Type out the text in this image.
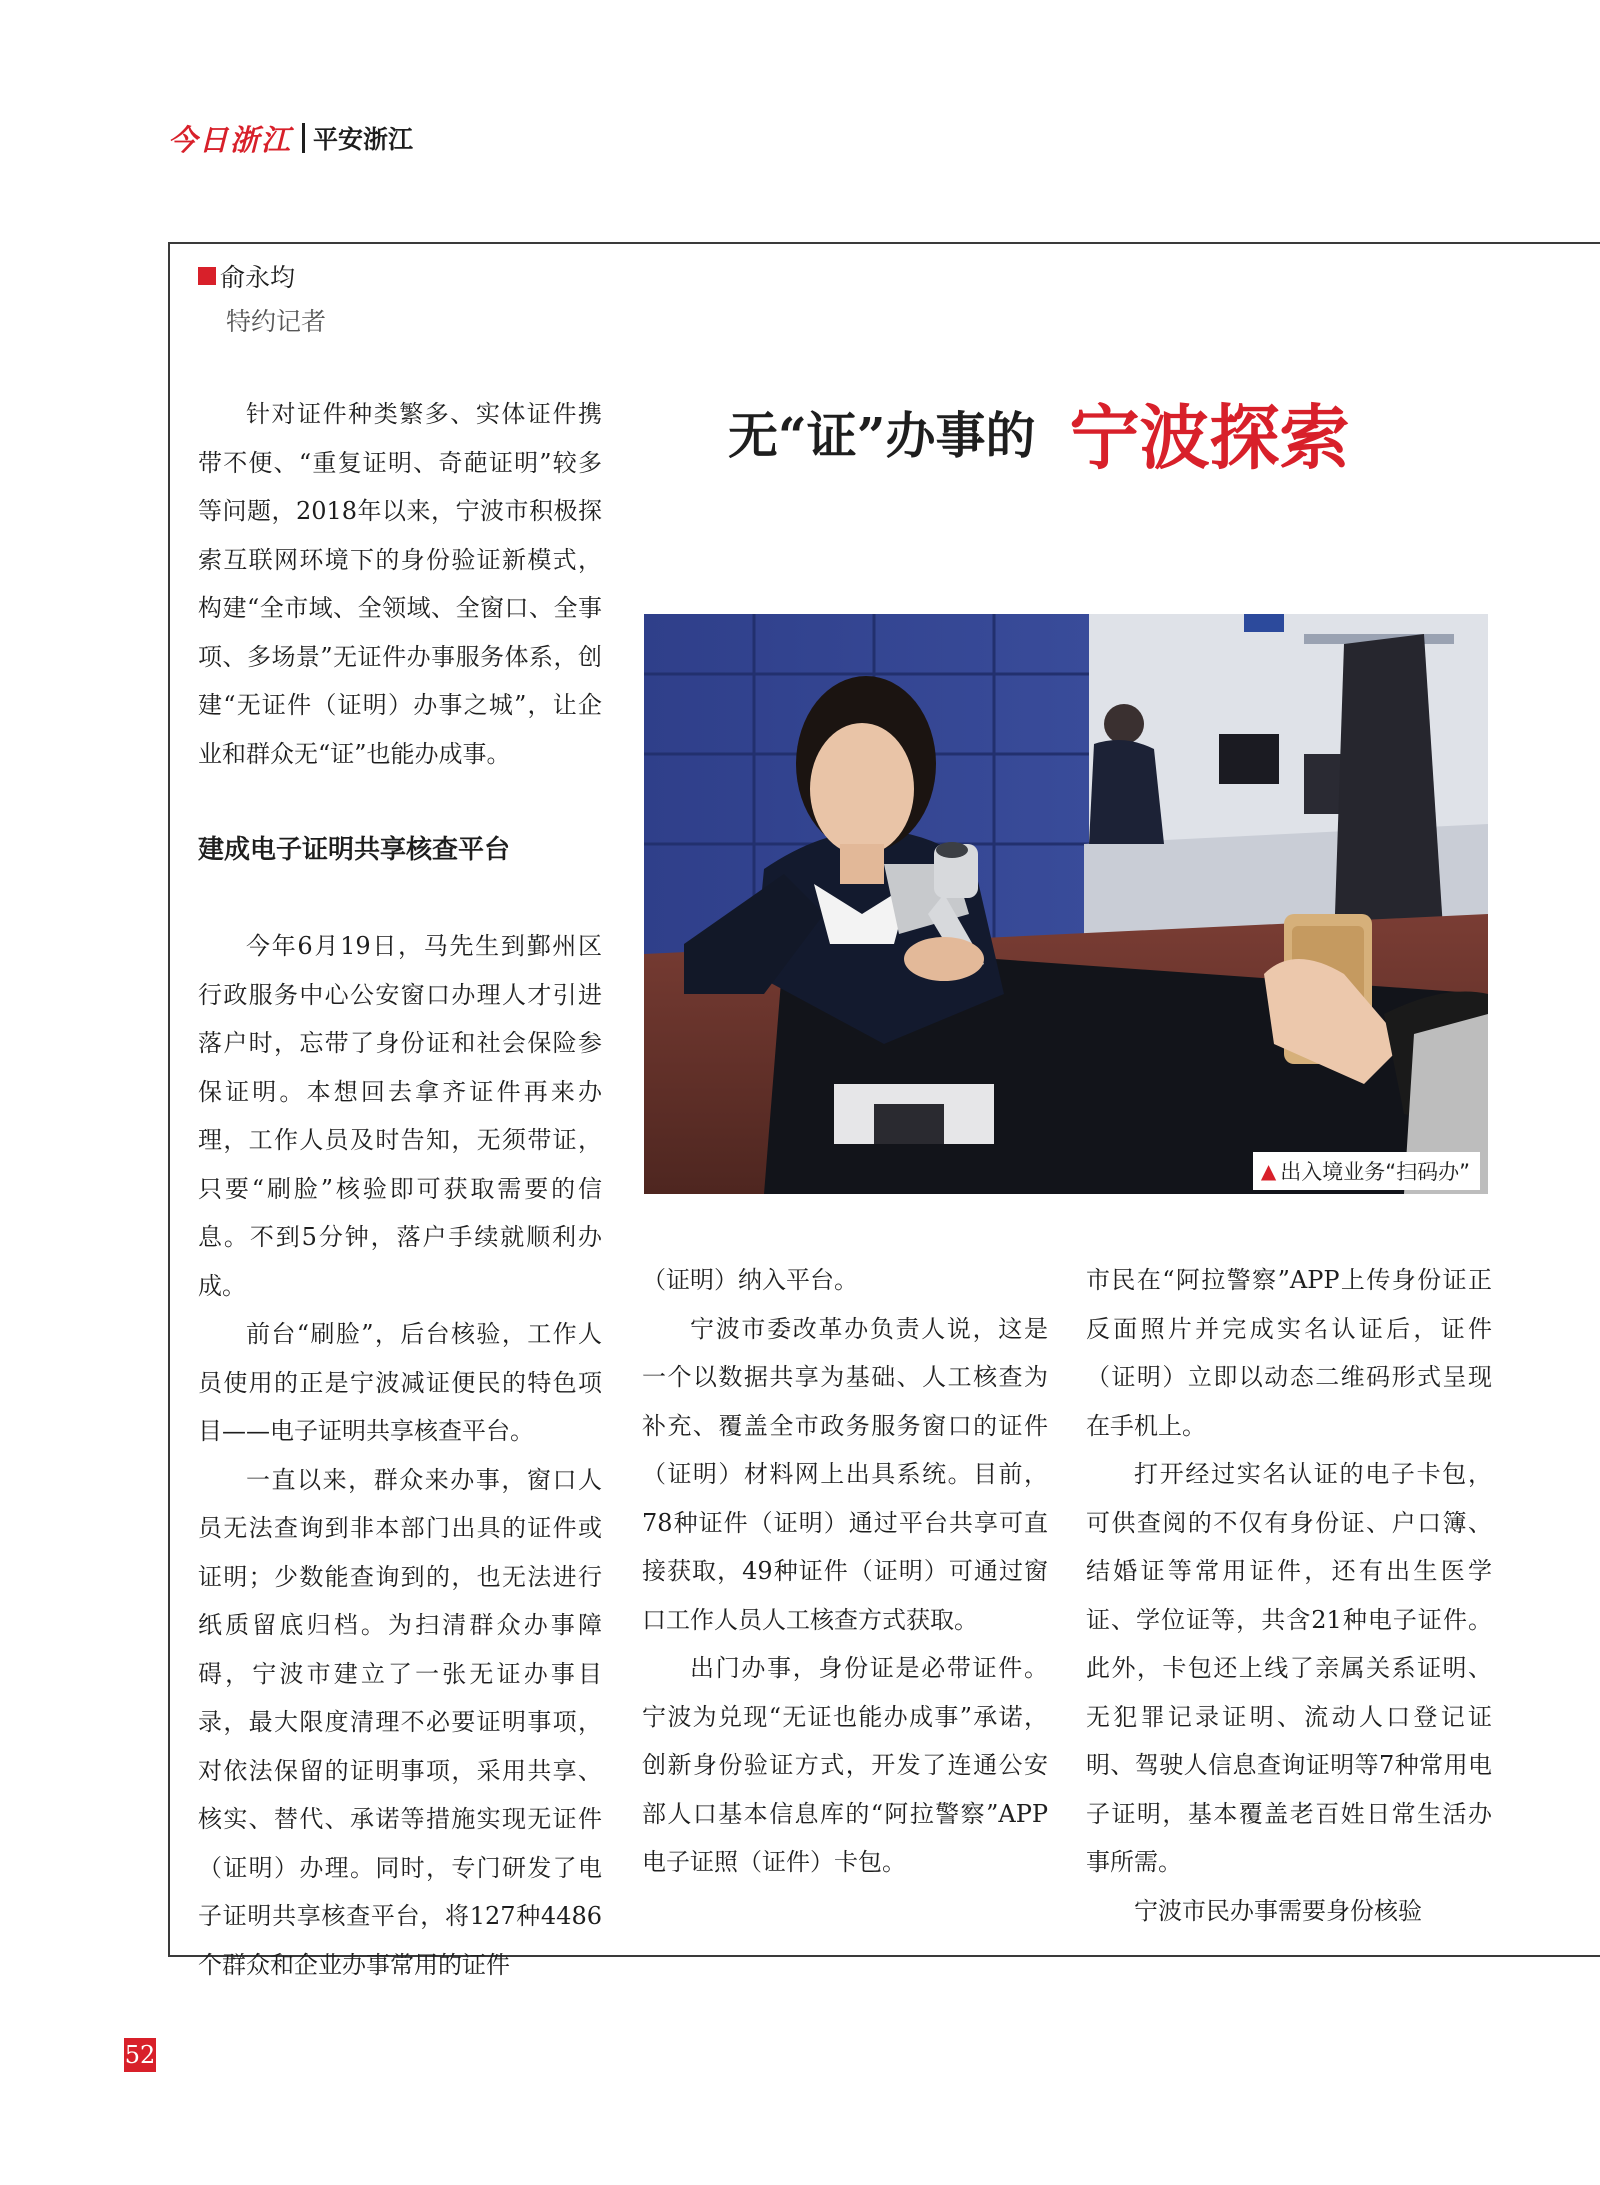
今日浙江 平安浙江
俞永均
特约记者
无“证”办事的 宁波探索
▲ 出入境业务“扫码办”

针对证件种类繁多、实体证件携带不便、“重复证明、奇葩证明”较多等问题，2018年以来，宁波市积极探索互联网环境下的身份验证新模式，构建“全市域、全领域、全窗口、全事项、多场景”无证件办事服务体系，创建“无证件（证明）办事之城”，让企业和群众无“证”也能办成事。

建成电子证明共享核查平台

今年6月19日，马先生到鄞州区行政服务中心公安窗口办理人才引进落户时，忘带了身份证和社会保险参保证明。本想回去拿齐证件再来办理，工作人员及时告知，无须带证，只要“刷脸”核验即可获取需要的信息。不到5分钟，落户手续就顺利办成。

前台“刷脸”，后台核验，工作人员使用的正是宁波减证便民的特色项目——电子证明共享核查平台。

一直以来，群众来办事，窗口人员无法查询到非本部门出具的证件或证明；少数能查询到的，也无法进行纸质留底归档。为扫清群众办事障碍，宁波市建立了一张无证办事目录，最大限度清理不必要证明事项，对依法保留的证明事项，采用共享、核实、替代、承诺等措施实现无证件（证明）办理。同时，专门研发了电子证明共享核查平台，将127种4486个群众和企业办事常用的证件

（证明）纳入平台。

宁波市委改革办负责人说，这是一个以数据共享为基础、人工核查为补充、覆盖全市政务服务窗口的证件（证明）材料网上出具系统。目前，78种证件（证明）通过平台共享可直接获取，49种证件（证明）可通过窗口工作人员人工核查方式获取。

出门办事，身份证是必带证件。宁波为兑现“无证也能办成事”承诺，创新身份验证方式，开发了连通公安部人口基本信息库的“阿拉警察”APP电子证照（证件）卡包。

市民在“阿拉警察”APP上传身份证正反面照片并完成实名认证后，证件（证明）立即以动态二维码形式呈现在手机上。

打开经过实名认证的电子卡包，可供查阅的不仅有身份证、户口簿、结婚证等常用证件，还有出生医学证、学位证等，共含21种电子证件。此外，卡包还上线了亲属关系证明、无犯罪记录证明、流动人口登记证明、驾驶人信息查询证明等7种常用电子证明，基本覆盖老百姓日常生活办事所需。

宁波市民办事需要身份核验

52
